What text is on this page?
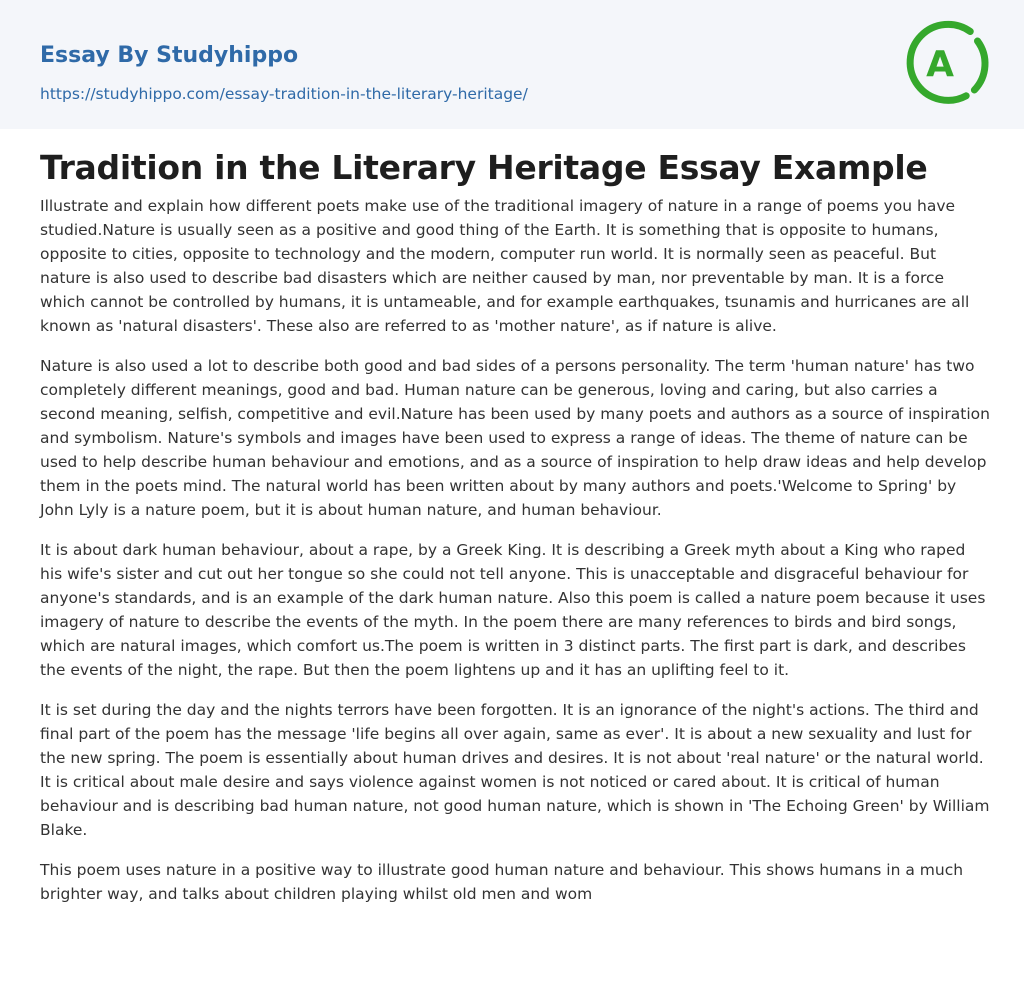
Essay By Studyhippo
https://studyhippo.com/essay-tradition-in-the-literary-heritage/
A
Tradition in the Literary Heritage Essay Example

Illustrate and explain how different poets make use of the traditional imagery of nature in a range of poems you have studied.Nature is usually seen as a positive and good thing of the Earth. It is something that is opposite to humans, opposite to cities, opposite to technology and the modern, computer run world. It is normally seen as peaceful. But nature is also used to describe bad disasters which are neither caused by man, nor preventable by man. It is a force which cannot be controlled by humans, it is untameable, and for example earthquakes, tsunamis and hurricanes are all known as 'natural disasters'. These also are referred to as 'mother nature', as if nature is alive.

Nature is also used a lot to describe both good and bad sides of a persons personality. The term 'human nature' has two completely different meanings, good and bad. Human nature can be generous, loving and caring, but also carries a second meaning, selfish, competitive and evil.Nature has been used by many poets and authors as a source of inspiration and symbolism. Nature's symbols and images have been used to express a range of ideas. The theme of nature can be used to help describe human behaviour and emotions, and as a source of inspiration to help draw ideas and help develop them in the poets mind. The natural world has been written about by many authors and poets.'Welcome to Spring' by John Lyly is a nature poem, but it is about human nature, and human behaviour.

It is about dark human behaviour, about a rape, by a Greek King. It is describing a Greek myth about a King who raped his wife's sister and cut out her tongue so she could not tell anyone. This is unacceptable and disgraceful behaviour for anyone's standards, and is an example of the dark human nature. Also this poem is called a nature poem because it uses imagery of nature to describe the events of the myth. In the poem there are many references to birds and bird songs, which are natural images, which comfort us.The poem is written in 3 distinct parts. The first part is dark, and describes the events of the night, the rape. But then the poem lightens up and it has an uplifting feel to it.

It is set during the day and the nights terrors have been forgotten. It is an ignorance of the night's actions. The third and final part of the poem has the message 'life begins all over again, same as ever'. It is about a new sexuality and lust for the new spring. The poem is essentially about human drives and desires. It is not about 'real nature' or the natural world. It is critical about male desire and says violence against women is not noticed or cared about. It is critical of human behaviour and is describing bad human nature, not good human nature, which is shown in 'The Echoing Green' by William Blake.

This poem uses nature in a positive way to illustrate good human nature and behaviour. This shows humans in a much brighter way, and talks about children playing whilst old men and wom
